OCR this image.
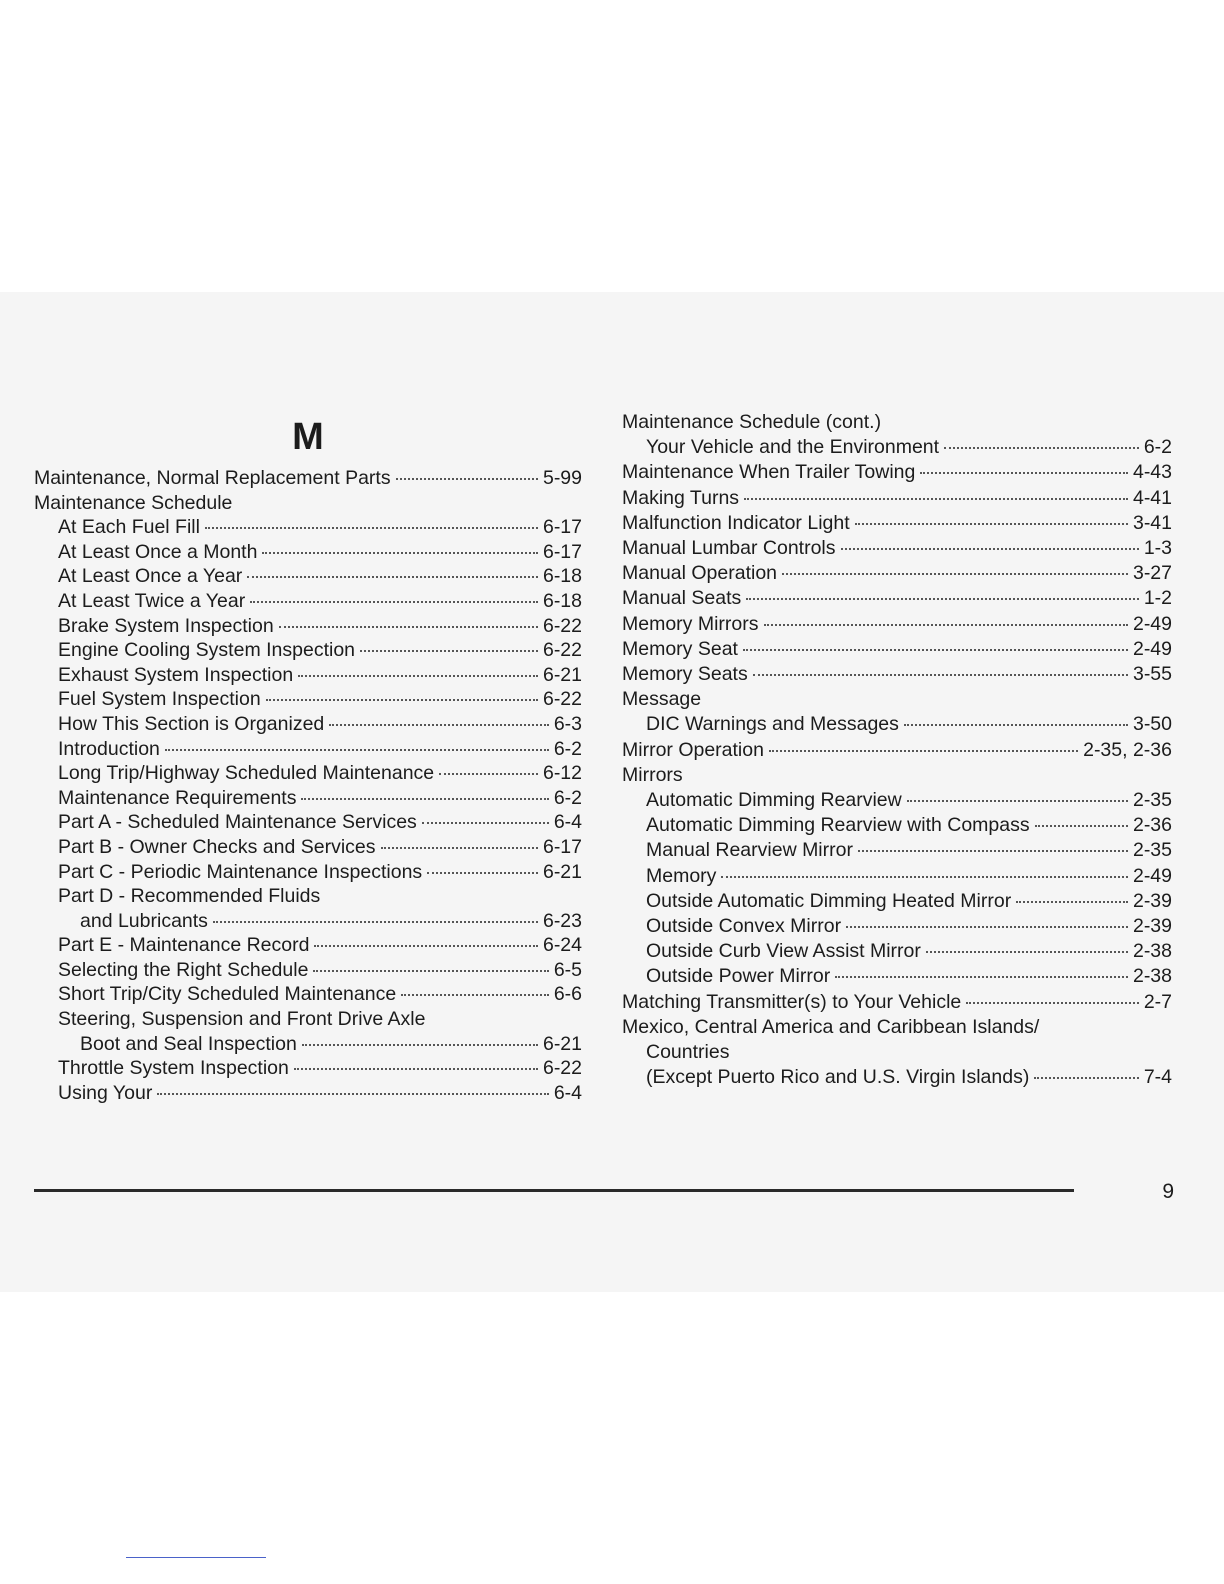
M
Maintenance, Normal Replacement Parts	5-99
Maintenance Schedule
At Each Fuel Fill	6-17
At Least Once a Month	6-17
At Least Once a Year	6-18
At Least Twice a Year	6-18
Brake System Inspection	6-22
Engine Cooling System Inspection	6-22
Exhaust System Inspection	6-21
Fuel System Inspection	6-22
How This Section is Organized	6-3
Introduction	6-2
Long Trip/Highway Scheduled Maintenance	6-12
Maintenance Requirements	6-2
Part A - Scheduled Maintenance Services	6-4
Part B - Owner Checks and Services	6-17
Part C - Periodic Maintenance Inspections	6-21
Part D - Recommended Fluids
and Lubricants	6-23
Part E - Maintenance Record	6-24
Selecting the Right Schedule	6-5
Short Trip/City Scheduled Maintenance	6-6
Steering, Suspension and Front Drive Axle
Boot and Seal Inspection	6-21
Throttle System Inspection	6-22
Using Your	6-4
Maintenance Schedule (cont.)
Your Vehicle and the Environment	6-2
Maintenance When Trailer Towing	4-43
Making Turns	4-41
Malfunction Indicator Light	3-41
Manual Lumbar Controls	1-3
Manual Operation	3-27
Manual Seats	1-2
Memory Mirrors	2-49
Memory Seat	2-49
Memory Seats	3-55
Message
DIC Warnings and Messages	3-50
Mirror Operation	2-35, 2-36
Mirrors
Automatic Dimming Rearview	2-35
Automatic Dimming Rearview with Compass	2-36
Manual Rearview Mirror	2-35
Memory	2-49
Outside Automatic Dimming Heated Mirror	2-39
Outside Convex Mirror	2-39
Outside Curb View Assist Mirror	2-38
Outside Power Mirror	2-38
Matching Transmitter(s) to Your Vehicle	2-7
Mexico, Central America and Caribbean Islands/
Countries
(Except Puerto Rico and U.S. Virgin Islands)	7-4
9
